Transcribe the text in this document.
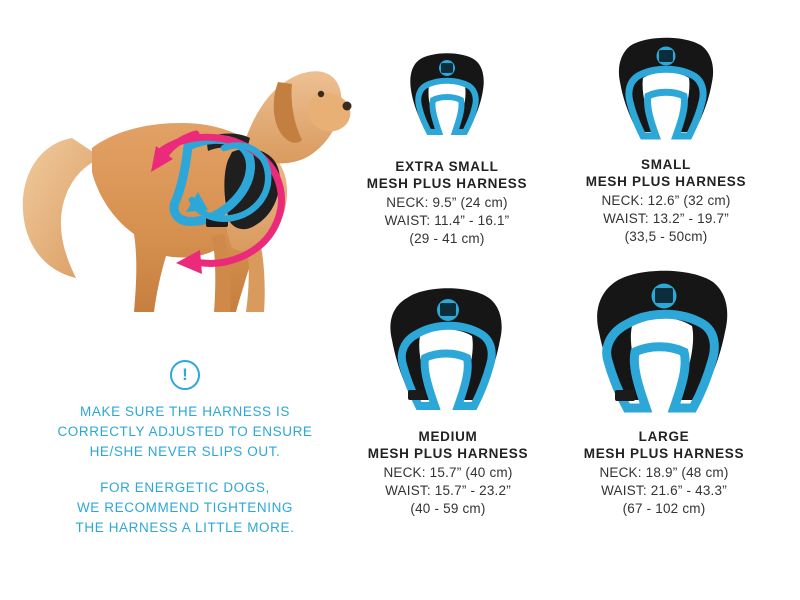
!
MAKE SURE THE HARNESS IS
CORRECTLY ADJUSTED TO ENSURE
HE/SHE NEVER SLIPS OUT.
FOR ENERGETIC DOGS,
WE RECOMMEND TIGHTENING
THE HARNESS A LITTLE MORE.
EXTRA SMALL
MESH PLUS HARNESS
NECK: 9.5” (24 cm)
WAIST: 11.4” - 16.1”
(29 - 41 cm)
SMALL
MESH PLUS HARNESS
NECK: 12.6” (32 cm)
WAIST: 13.2” - 19.7”
(33,5 - 50cm)
MEDIUM
MESH PLUS HARNESS
NECK: 15.7” (40 cm)
WAIST: 15.7” - 23.2”
(40 - 59 cm)
LARGE
MESH PLUS HARNESS
NECK: 18.9” (48 cm)
WAIST: 21.6” - 43.3”
(67 - 102 cm)
